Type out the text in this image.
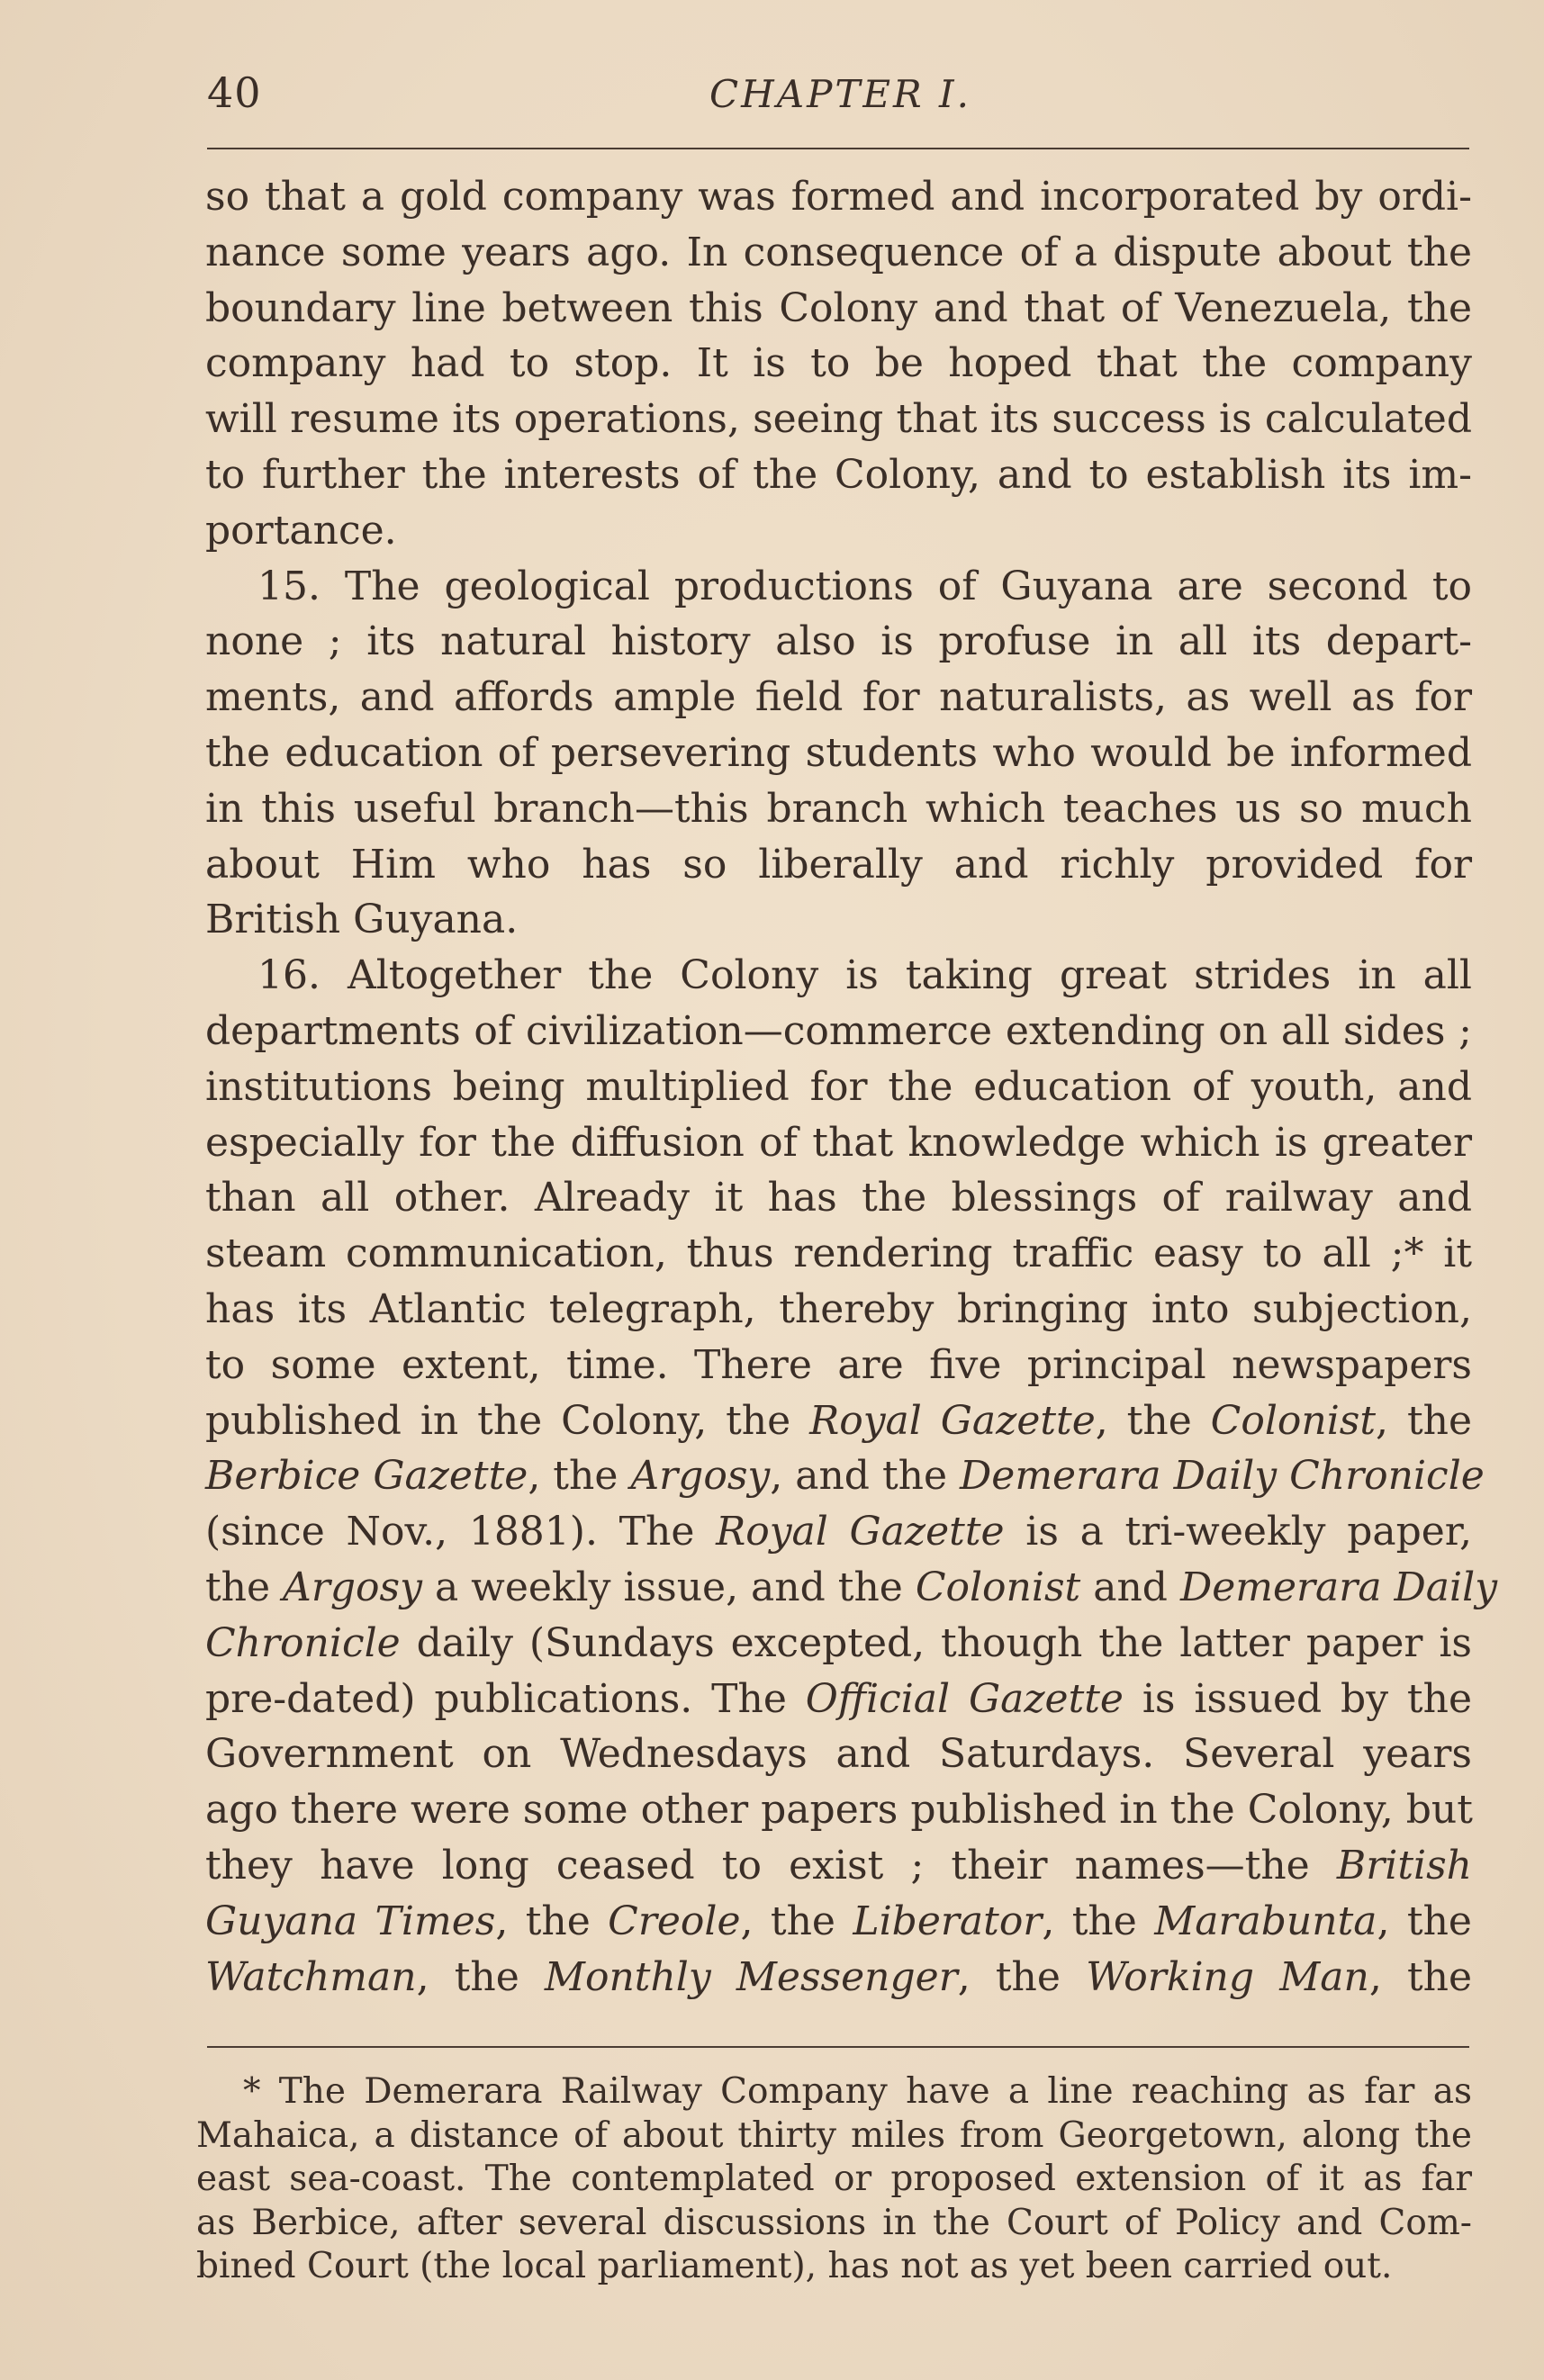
40	CHAPTER I.
so that a gold company was formed and incorporated by ordi-
nance some years ago. In consequence of a dispute about the
boundary line between this Colony and that of Venezuela, the
company had to stop. It is to be hoped that the company
will resume its operations, seeing that its success is calculated
to further the interests of the Colony, and to establish its im-
portance.
15. The geological productions of Guyana are second to
none ; its natural history also is profuse in all its depart-
ments, and affords ample field for naturalists, as well as for
the education of persevering students who would be informed
in this useful branch—this branch which teaches us so much
about Him who has so liberally and richly provided for
British Guyana.
16. Altogether the Colony is taking great strides in all
departments of civilization—commerce extending on all sides ;
institutions being multiplied for the education of youth, and
especially for the diffusion of that knowledge which is greater
than all other. Already it has the blessings of railway and
steam communication, thus rendering traffic easy to all ;* it
has its Atlantic telegraph, thereby bringing into subjection,
to some extent, time. There are five principal newspapers
published in the Colony, the Royal Gazette, the Colonist, the
Berbice Gazette, the Argosy, and the Demerara Daily Chronicle
(since Nov., 1881). The Royal Gazette is a tri-weekly paper,
the Argosy a weekly issue, and the Colonist and Demerara Daily
Chronicle daily (Sundays excepted, though the latter paper is
pre-dated) publications. The Official Gazette is issued by the
Government on Wednesdays and Saturdays. Several years
ago there were some other papers published in the Colony, but
they have long ceased to exist ; their names—the British
Guyana Times, the Creole, the Liberator, the Marabunta, the
Watchman, the Monthly Messenger, the Working Man, the
* The Demerara Railway Company have a line reaching as far as
Mahaica, a distance of about thirty miles from Georgetown, along the
east sea-coast. The contemplated or proposed extension of it as far
as Berbice, after several discussions in the Court of Policy and Com-
bined Court (the local parliament), has not as yet been carried out.
